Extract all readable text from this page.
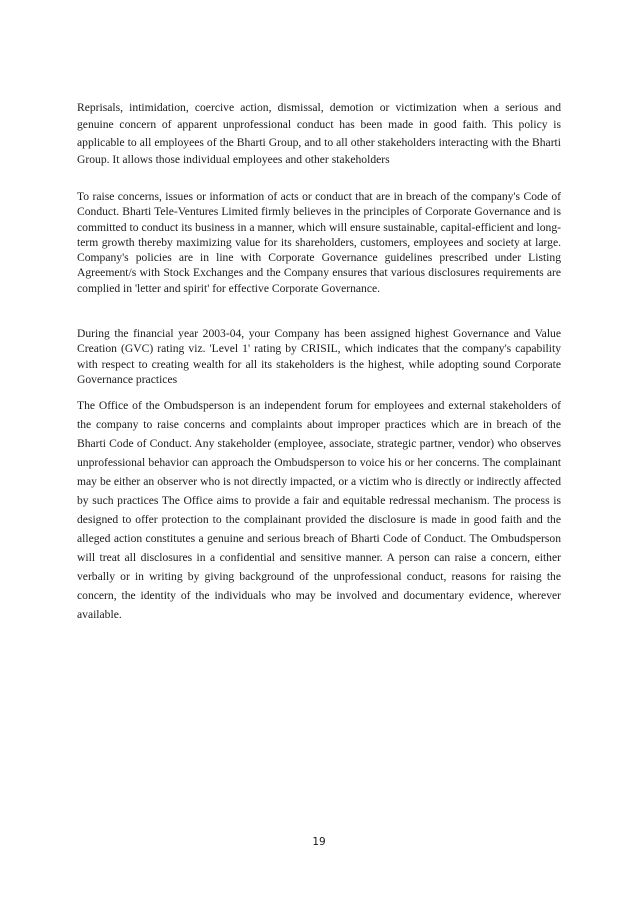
Reprisals, intimidation, coercive action, dismissal, demotion or victimization when a serious and genuine concern of apparent unprofessional conduct has been made in good faith. This policy is applicable to all employees of the Bharti Group, and to all other stakeholders interacting with the Bharti Group. It allows those individual employees and other stakeholders

To raise concerns, issues or information of acts or conduct that are in breach of the company's Code of Conduct. Bharti Tele-Ventures Limited firmly believes in the principles of Corporate Governance and is committed to conduct its business in a manner, which will ensure sustainable, capital-efficient and long-term growth thereby maximizing value for its shareholders, customers, employees and society at large. Company's policies are in line with Corporate Governance guidelines prescribed under Listing Agreement/s with Stock Exchanges and the Company ensures that various disclosures requirements are complied in 'letter and spirit' for effective Corporate Governance.

During the financial year 2003-04, your Company has been assigned highest Governance and Value Creation (GVC) rating viz. 'Level 1' rating by CRISIL, which indicates that the company's capability with respect to creating wealth for all its stakeholders is the highest, while adopting sound Corporate Governance practices

The Office of the Ombudsperson is an independent forum for employees and external stakeholders of the company to raise concerns and complaints about improper practices which are in breach of the Bharti Code of Conduct. Any stakeholder (employee, associate, strategic partner, vendor) who observes unprofessional behavior can approach the Ombudsperson to voice his or her concerns. The complainant may be either an observer who is not directly impacted, or a victim who is directly or indirectly affected by such practices The Office aims to provide a fair and equitable redressal mechanism. The process is designed to offer protection to the complainant provided the disclosure is made in good faith and the alleged action constitutes a genuine and serious breach of Bharti Code of Conduct. The Ombudsperson will treat all disclosures in a confidential and sensitive manner. A person can raise a concern, either verbally or in writing by giving background of the unprofessional conduct, reasons for raising the concern, the identity of the individuals who may be involved and documentary evidence, wherever available.

19
